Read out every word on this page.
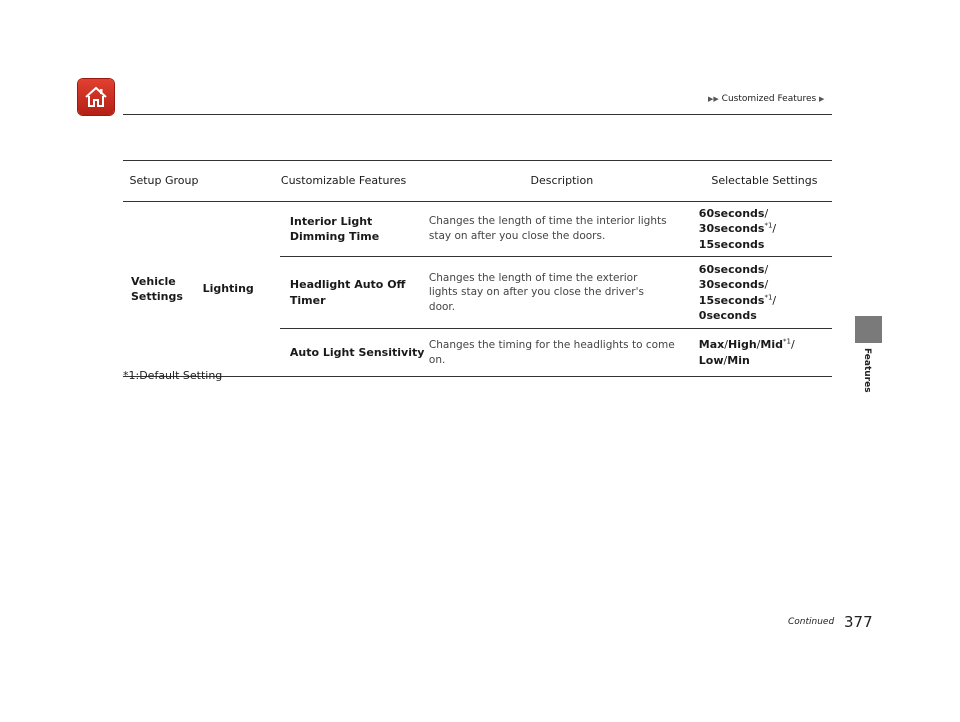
▶▶ Customized Features ▶
Features
Setup Group		Customizable Features	Description	Selectable Settings

Vehicle Settings	Lighting	Interior Light Dimming Time	Changes the length of time the interior lights stay on after you close the doors.	60seconds/
30seconds$^{*1}$/
15seconds

		Headlight Auto Off Timer	Changes the length of time the exterior lights stay on after you close the driver's door.	60seconds/
30seconds/
15seconds$^{*1}$/
0seconds

		Auto Light Sensitivity	Changes the timing for the headlights to come on.	Max/High/Mid$^{*1}$/
Low/Min
*1:Default Setting
Continued 377
